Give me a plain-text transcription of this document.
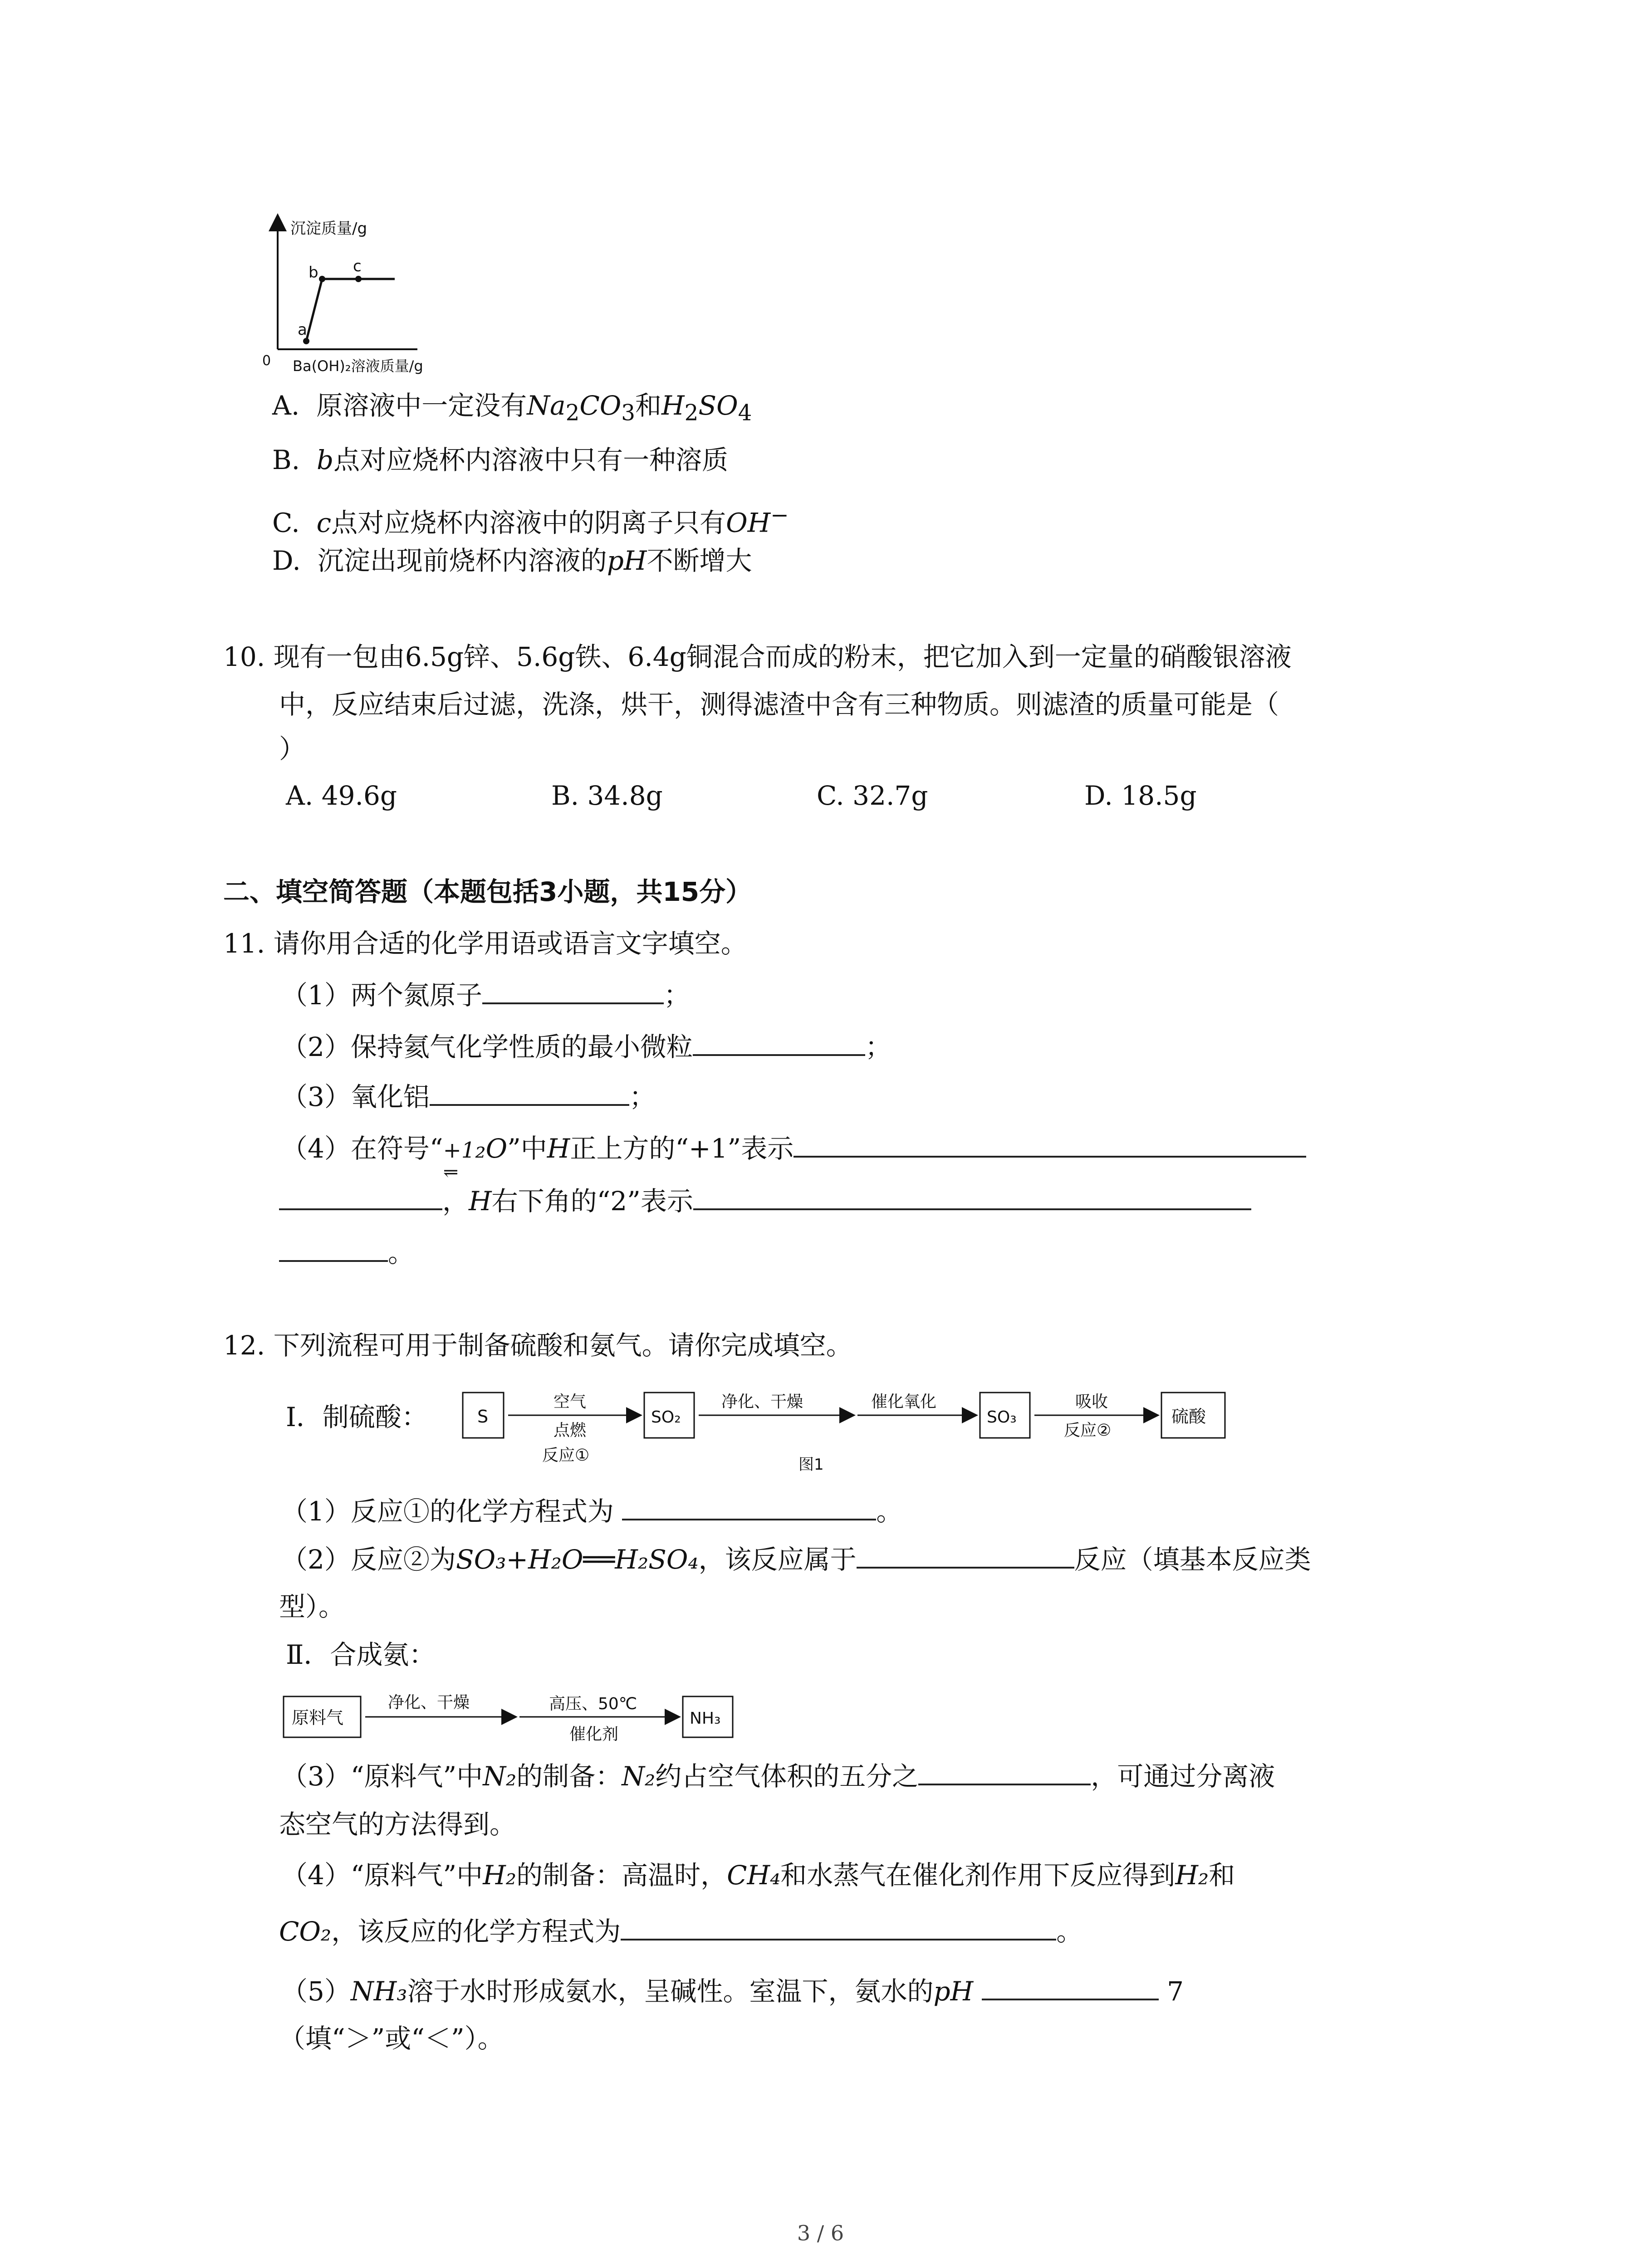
沉淀质量/g
0 Ba(OH)₂溶液质量/g
a
b c
A. 原溶液中一定没有$Na_2CO_3$和$H_2SO_4$
B. b点对应烧杯内溶液中只有一种溶质
C. c点对应烧杯内溶液中的阴离子只有OH−
D. 沉淀出现前烧杯内溶液的pH不断增大
10. 现有一包由6.5g锌、5.6g铁、6.4g铜混合而成的粉末，把它加入到一定量的硝酸银溶液
中，反应结束后过滤，洗涤，烘干，测得滤渣中含有三种物质。则滤渣的质量可能是（
）
A. 49.6g	B. 34.8g	C. 32.7g	D. 18.5g
二、填空简答题（本题包括3小题，共15分）
11. 请你用合适的化学用语或语言文字填空。
（1）两个氮原子	；
（2）保持氦气化学性质的最小微粒	；
（3）氧化铝	；
（4）在符号“+1
⥫
₂O”中H正上方的“+1”表示
，H右下角的“2”表示
。
12. 下列流程可用于制备硫酸和氨气。请你完成填空。
Ⅰ．制硫酸：	S
空气
点燃
反应①
SO₂
净化、干燥	催化氧化
SO₃
吸收
反应②
硫酸
图1
（1）反应①的化学方程式为	。
（2）反应②为SO₃+H₂O══H₂SO₄，该反应属于	反应（填基本反应类
型）。
Ⅱ．合成氨：
原料气
净化、干燥	高压、50℃
催化剂
NH₃
（3）“原料气”中N₂的制备：N₂约占空气体积的五分之	，可通过分离液
态空气的方法得到。
（4）“原料气”中H₂的制备：高温时，CH₄和水蒸气在催化剂作用下反应得到H₂和
CO₂，该反应的化学方程式为	。
（5）NH₃溶于水时形成氨水，呈碱性。室温下，氨水的pH	7
（填“＞”或“＜”）。
3 / 6
